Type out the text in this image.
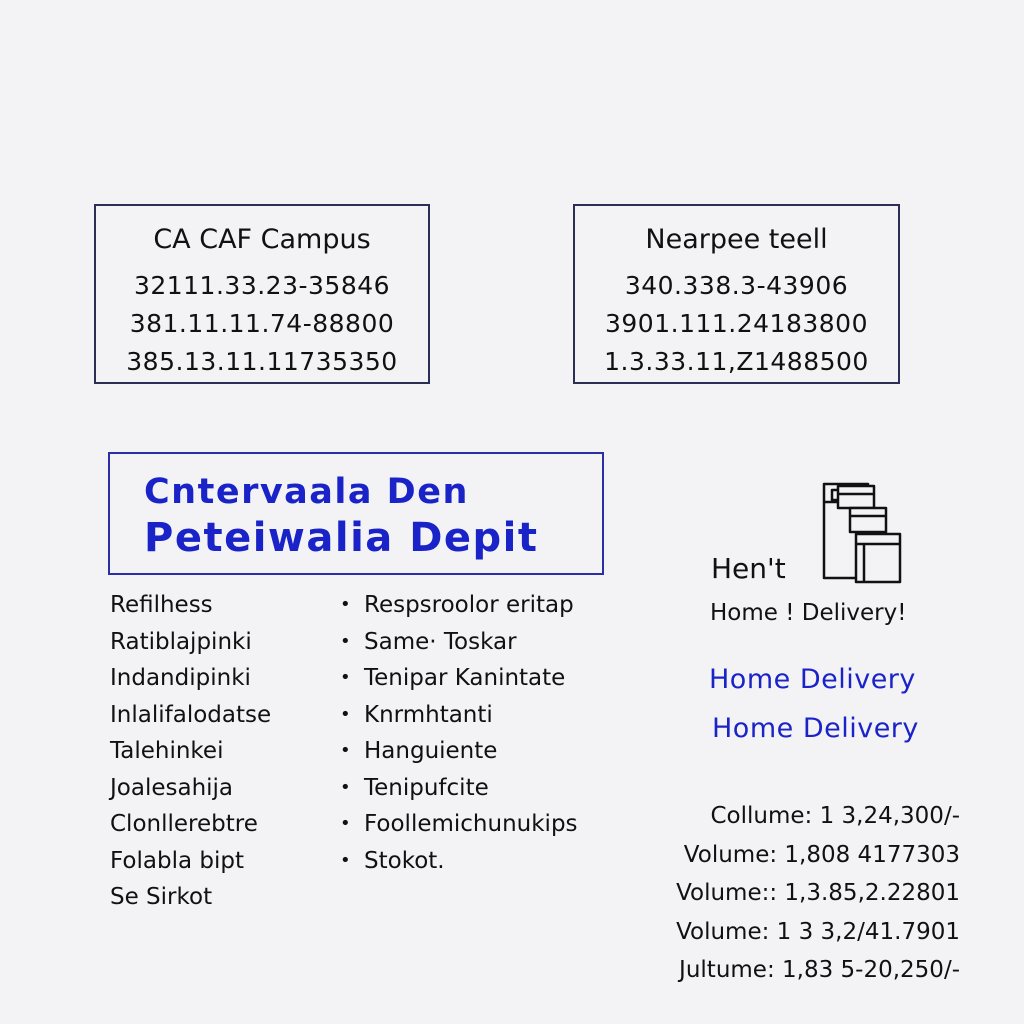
CA CAF Campus
32111.33.23-35846
381.11.11.74-88800
385.13.11.11735350
Nearpee teell
340.338.3-43906
3901.111.24183800
1.3.33.11,Z1488500
Cntervaala Den
Peteiwalia Depit
Refilhess
Ratiblajpinki
Indandipinki
Inlalifalodatse
Talehinkei
Joalesahija
Clonllerebtre
Folabla bipt
Se Sirkot
• Respsroolor eritap
• Same· Toskar
• Tenipar Kanintate
• Knrmhtanti
• Hanguiente
• Tenipufcite
• Foollemichunukips
• Stokot.
Hen't
Home ! Delivery!
Home Delivery
Home Delivery
Collume: 1 3,24,300/-
Volume: 1,808 4177303
Volume:: 1,3.85,2.22801
Volume: 1 3 3,2/41.7901
Jultume: 1,83 5-20,250/-
